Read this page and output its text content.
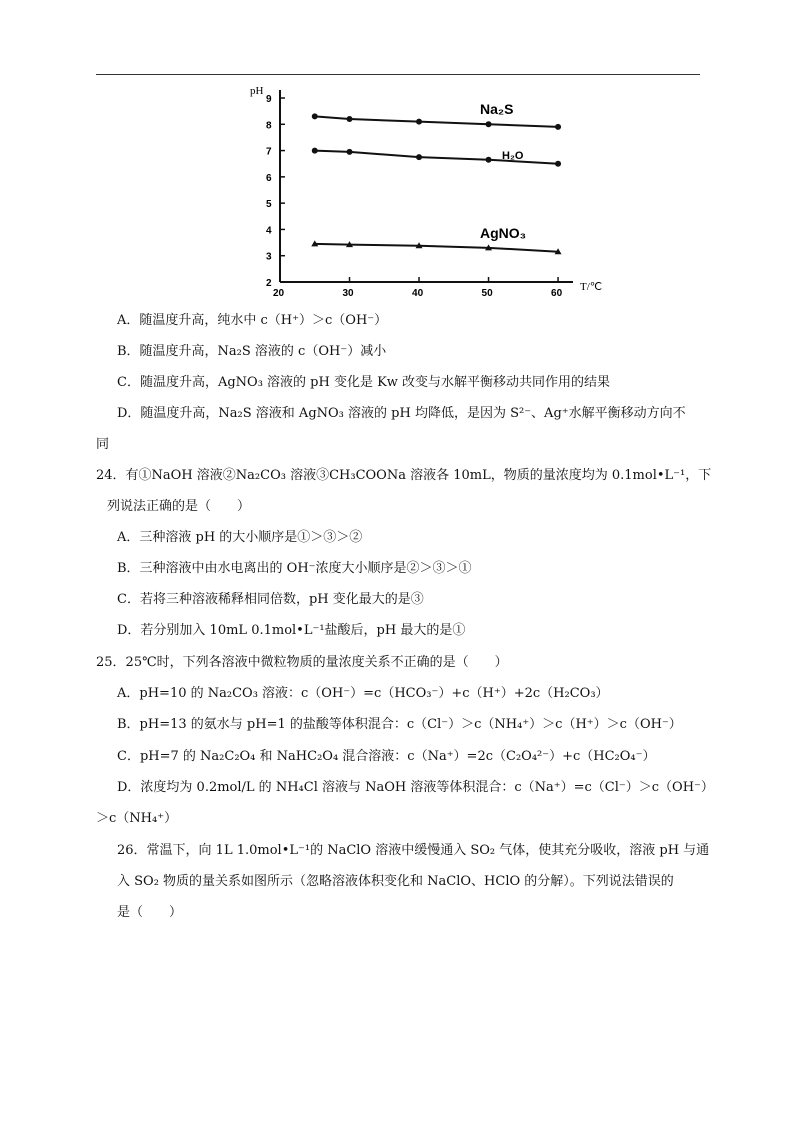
pH
T/℃
2
3
4
5
6
7
8
9
20	30	40	50	60
Na₂S
H₂O
AgNO₃
A．随温度升高，纯水中 c（H⁺）＞c（OH⁻）
B．随温度升高，Na₂S 溶液的 c（OH⁻）减小
C．随温度升高，AgNO₃ 溶液的 pH 变化是 Kw 改变与水解平衡移动共同作用的结果
D．随温度升高，Na₂S 溶液和 AgNO₃ 溶液的 pH 均降低，是因为 S²⁻、Ag⁺水解平衡移动方向不
同
24．有①NaOH 溶液②Na₂CO₃ 溶液③CH₃COONa 溶液各 10mL，物质的量浓度均为 0.1mol•L⁻¹，下
列说法正确的是（　　）
A．三种溶液 pH 的大小顺序是①＞③＞②
B．三种溶液中由水电离出的 OH⁻浓度大小顺序是②＞③＞①
C．若将三种溶液稀释相同倍数，pH 变化最大的是③
D．若分别加入 10mL 0.1mol•L⁻¹盐酸后，pH 最大的是①
25．25℃时，下列各溶液中微粒物质的量浓度关系不正确的是（　　）
A．pH=10 的 Na₂CO₃ 溶液：c（OH⁻）=c（HCO₃⁻）+c（H⁺）+2c（H₂CO₃）
B．pH=13 的氨水与 pH=1 的盐酸等体积混合：c（Cl⁻）＞c（NH₄⁺）＞c（H⁺）＞c（OH⁻）
C．pH=7 的 Na₂C₂O₄ 和 NaHC₂O₄ 混合溶液：c（Na⁺）=2c（C₂O₄²⁻）+c（HC₂O₄⁻）
D．浓度均为 0.2mol/L 的 NH₄Cl 溶液与 NaOH 溶液等体积混合：c（Na⁺）=c（Cl⁻）＞c（OH⁻）
＞c（NH₄⁺）
26．常温下，向 1L 1.0mol•L⁻¹的 NaClO 溶液中缓慢通入 SO₂ 气体，使其充分吸收，溶液 pH 与通
入 SO₂ 物质的量关系如图所示（忽略溶液体积变化和 NaClO、HClO 的分解）。下列说法错误的
是（　　）
